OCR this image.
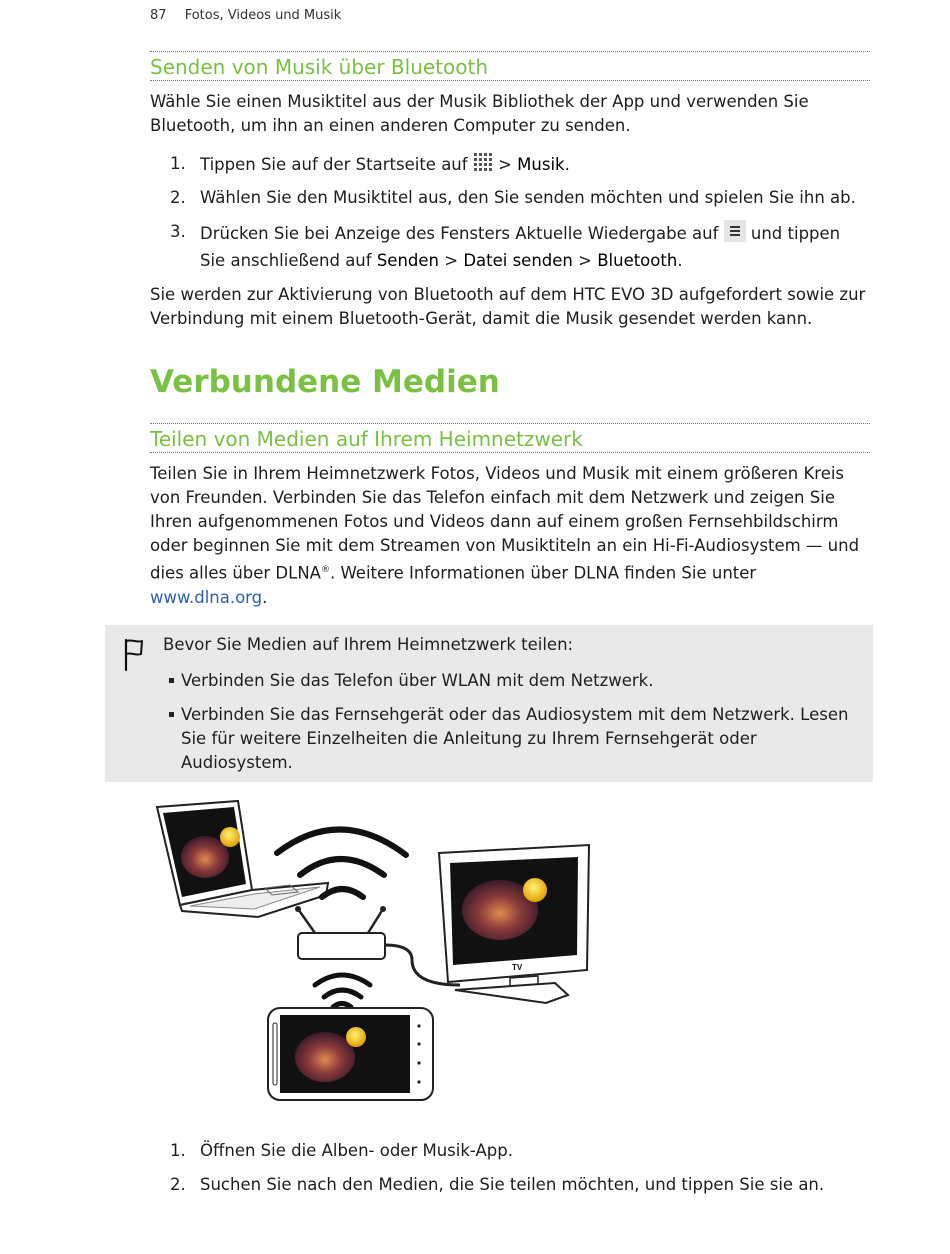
87 Fotos, Videos und Musik
Senden von Musik über Bluetooth
Wähle Sie einen Musiktitel aus der Musik Bibliothek der App und verwenden Sie Bluetooth, um ihn an einen anderen Computer zu senden.
1. Tippen Sie auf der Startseite auf  > Musik.
2. Wählen Sie den Musiktitel aus, den Sie senden möchten und spielen Sie ihn ab.
3. Drücken Sie bei Anzeige des Fensters Aktuelle Wiedergabe auf  und tippen Sie anschließend auf Senden > Datei senden > Bluetooth.
Sie werden zur Aktivierung von Bluetooth auf dem HTC EVO 3D aufgefordert sowie zur Verbindung mit einem Bluetooth-Gerät, damit die Musik gesendet werden kann.
Verbundene Medien
Teilen von Medien auf Ihrem Heimnetzwerk
Teilen Sie in Ihrem Heimnetzwerk Fotos, Videos und Musik mit einem größeren Kreis von Freunden. Verbinden Sie das Telefon einfach mit dem Netzwerk und zeigen Sie Ihren aufgenommenen Fotos und Videos dann auf einem großen Fernsehbildschirm oder beginnen Sie mit dem Streamen von Musiktiteln an ein Hi-Fi-Audiosystem — und dies alles über DLNA®. Weitere Informationen über DLNA finden Sie unter www.dlna.org.
Bevor Sie Medien auf Ihrem Heimnetzwerk teilen:
Verbinden Sie das Telefon über WLAN mit dem Netzwerk.
Verbinden Sie das Fernsehgerät oder das Audiosystem mit dem Netzwerk. Lesen Sie für weitere Einzelheiten die Anleitung zu Ihrem Fernsehgerät oder Audiosystem.
TV
1. Öffnen Sie die Alben- oder Musik-App.
2. Suchen Sie nach den Medien, die Sie teilen möchten, und tippen Sie sie an.
